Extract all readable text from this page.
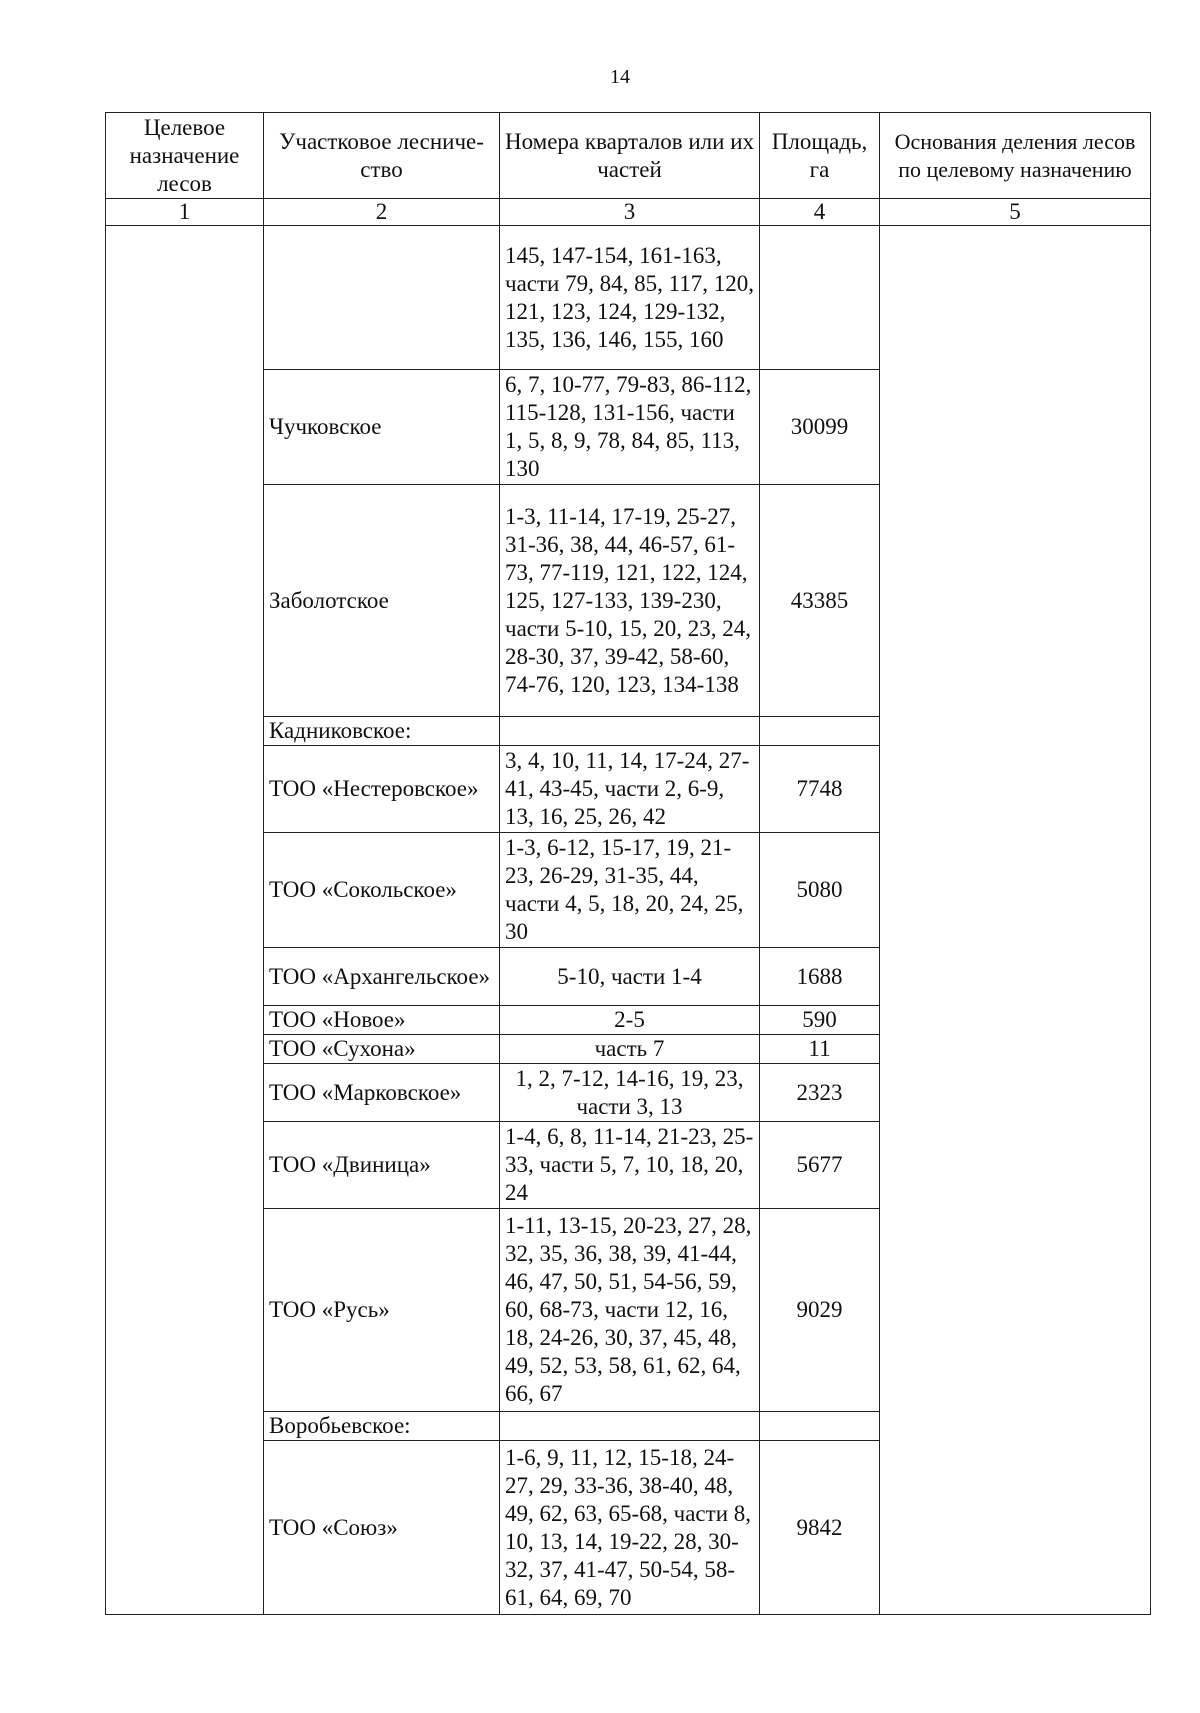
14
Целевое назначение лесов	Участковое лесниче-ство	Номера кварталов или их частей	Площадь, га	Основания деления лесов по целевому назначению
1	2	3	4	5
		145, 147-154, 161-163, части 79, 84, 85, 117, 120, 121, 123, 124, 129-132, 135, 136, 146, 155, 160		
	Чучковское	6, 7, 10-77, 79-83, 86-112, 115-128, 131-156, части 1, 5, 8, 9, 78, 84, 85, 113, 130	30099	
	Заболотское	1-3, 11-14, 17-19, 25-27, 31-36, 38, 44, 46-57, 61-73, 77-119, 121, 122, 124, 125, 127-133, 139-230, части 5-10, 15, 20, 23, 24, 28-30, 37, 39-42, 58-60, 74-76, 120, 123, 134-138	43385	
	Кадниковское:			
	ТОО «Нестеровское»	3, 4, 10, 11, 14, 17-24, 27-41, 43-45, части 2, 6-9, 13, 16, 25, 26, 42	7748	
	ТОО «Сокольское»	1-3, 6-12, 15-17, 19, 21-23, 26-29, 31-35, 44, части 4, 5, 18, 20, 24, 25, 30	5080	
	ТОО «Архангельское»	5-10, части 1-4	1688	
	ТОО «Новое»	2-5	590	
	ТОО «Сухона»	часть 7	11	
	ТОО «Марковское»	1, 2, 7-12, 14-16, 19, 23, части 3, 13	2323	
	ТОО «Двиница»	1-4, 6, 8, 11-14, 21-23, 25-33, части 5, 7, 10, 18, 20, 24	5677	
	ТОО «Русь»	1-11, 13-15, 20-23, 27, 28, 32, 35, 36, 38, 39, 41-44, 46, 47, 50, 51, 54-56, 59, 60, 68-73, части 12, 16, 18, 24-26, 30, 37, 45, 48, 49, 52, 53, 58, 61, 62, 64, 66, 67	9029	
	Воробьевское:			
	ТОО «Союз»	1-6, 9, 11, 12, 15-18, 24-27, 29, 33-36, 38-40, 48, 49, 62, 63, 65-68, части 8, 10, 13, 14, 19-22, 28, 30-32, 37, 41-47, 50-54, 58-61, 64, 69, 70	9842	
